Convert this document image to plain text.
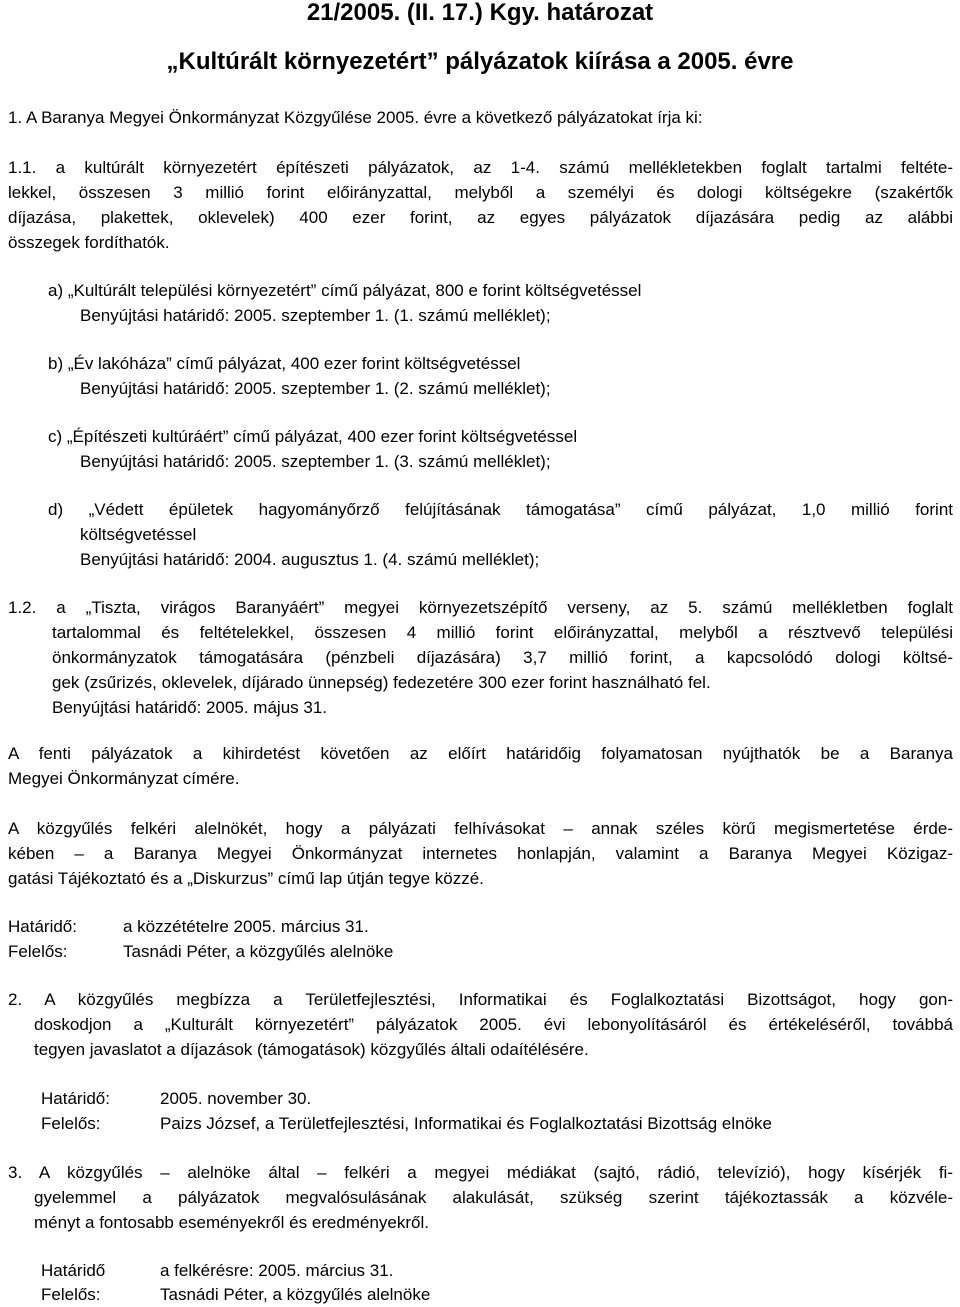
21/2005. (II. 17.) Kgy. határozat
„Kultúrált környezetért” pályázatok kiírása a 2005. évre
1. A Baranya Megyei Önkormányzat Közgyűlése 2005. évre a következő pályázatokat írja ki:
1.1. a kultúrált környezetért építészeti pályázatok, az 1-4. számú mellékletekben foglalt tartalmi feltéte-
lekkel, összesen 3 millió forint előirányzattal, melyből a személyi és dologi költségekre (szakértők
díjazása, plakettek, oklevelek) 400 ezer forint, az egyes pályázatok díjazására pedig az alábbi
összegek fordíthatók.
a) „Kultúrált települési környezetért” című pályázat, 800 e forint költségvetéssel
Benyújtási határidő: 2005. szeptember 1. (1. számú melléklet);
b) „Év lakóháza” című pályázat, 400 ezer forint költségvetéssel
Benyújtási határidő: 2005. szeptember 1. (2. számú melléklet);
c) „Építészeti kultúráért” című pályázat, 400 ezer forint költségvetéssel
Benyújtási határidő: 2005. szeptember 1. (3. számú melléklet);
d) „Védett épületek hagyományőrző felújításának támogatása” című pályázat, 1,0 millió forint
költségvetéssel
Benyújtási határidő: 2004. augusztus 1. (4. számú melléklet);
1.2. a „Tiszta, virágos Baranyáért” megyei környezetszépítő verseny, az 5. számú mellékletben foglalt
tartalommal és feltételekkel, összesen 4 millió forint előirányzattal, melyből a résztvevő települési
önkormányzatok támogatására (pénzbeli díjazására) 3,7 millió forint, a kapcsolódó dologi költsé-
gek (zsűrizés, oklevelek, díjárado ünnepség) fedezetére 300 ezer forint használható fel.
Benyújtási határidő: 2005. május 31.
A fenti pályázatok a kihirdetést követően az előírt határidőig folyamatosan nyújthatók be a Baranya
Megyei Önkormányzat címére.
A közgyűlés felkéri alelnökét, hogy a pályázati felhívásokat – annak széles körű megismertetése érde-
kében – a Baranya Megyei Önkormányzat internetes honlapján, valamint a Baranya Megyei Közigaz-
gatási Tájékoztató és a „Diskurzus” című lap útján tegye közzé.
Határidő:	a közzétételre 2005. március 31.
Felelős:	Tasnádi Péter, a közgyűlés alelnöke
2. A közgyűlés megbízza a Területfejlesztési, Informatikai és Foglalkoztatási Bizottságot, hogy gon-
doskodjon a „Kulturált környezetért” pályázatok 2005. évi lebonyolításáról és értékeléséről, továbbá
tegyen javaslatot a díjazások (támogatások) közgyűlés általi odaítélésére.
Határidő:	2005. november 30.
Felelős:	Paizs József, a Területfejlesztési, Informatikai és Foglalkoztatási Bizottság elnöke
3. A közgyűlés – alelnöke által – felkéri a megyei médiákat (sajtó, rádió, televízió), hogy kísérjék fi-
gyelemmel a pályázatok megvalósulásának alakulását, szükség szerint tájékoztassák a közvéle-
ményt a fontosabb eseményekről és eredményekről.
Határidő	a felkérésre: 2005. március 31.
Felelős:	Tasnádi Péter, a közgyűlés alelnöke
